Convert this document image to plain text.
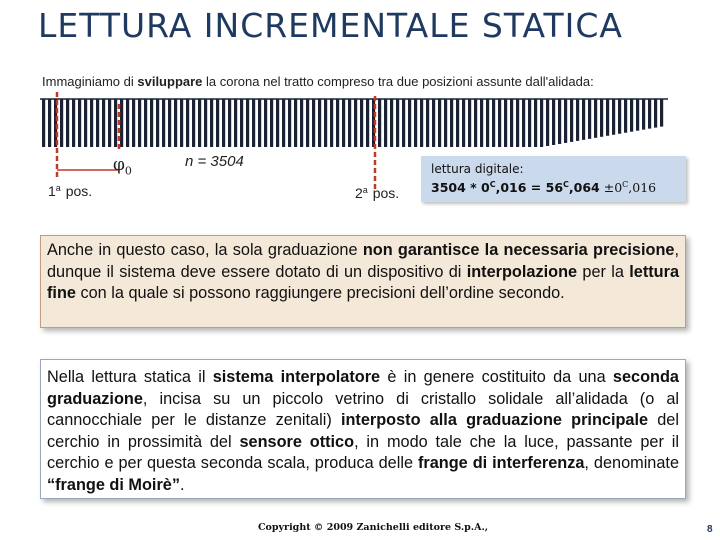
LETTURA INCREMENTALE STATICA
Immaginiamo di sviluppare la corona nel tratto compreso tra due posizioni assunte dall'alidada:
1$^a$ pos.	2$^a$ pos.
$\varphi_0$
n = 3504	lettura digitale:
$3504 * 0^C,016 = 56^C,064 \pm 0^C,016$
Anche in questo caso, la sola graduazione non garantisce la necessaria precisione, dunque il sistema deve essere dotato di un dispositivo di interpolazione per la lettura fine con la quale si possono raggiungere precisioni dell’ordine secondo.
Nella lettura statica il sistema interpolatore è in genere costituito da una seconda graduazione, incisa su un piccolo vetrino di cristallo solidale all’alidada (o al cannocchiale per le distanze zenitali) interposto alla graduazione principale del cerchio in prossimità del sensore ottico, in modo tale che la luce, passante per il cerchio e per questa seconda scala, produca delle frange di interferenza, denominate “frange di Moirè”.
Copyright © 2009 Zanichelli editore S.p.A.,	8
